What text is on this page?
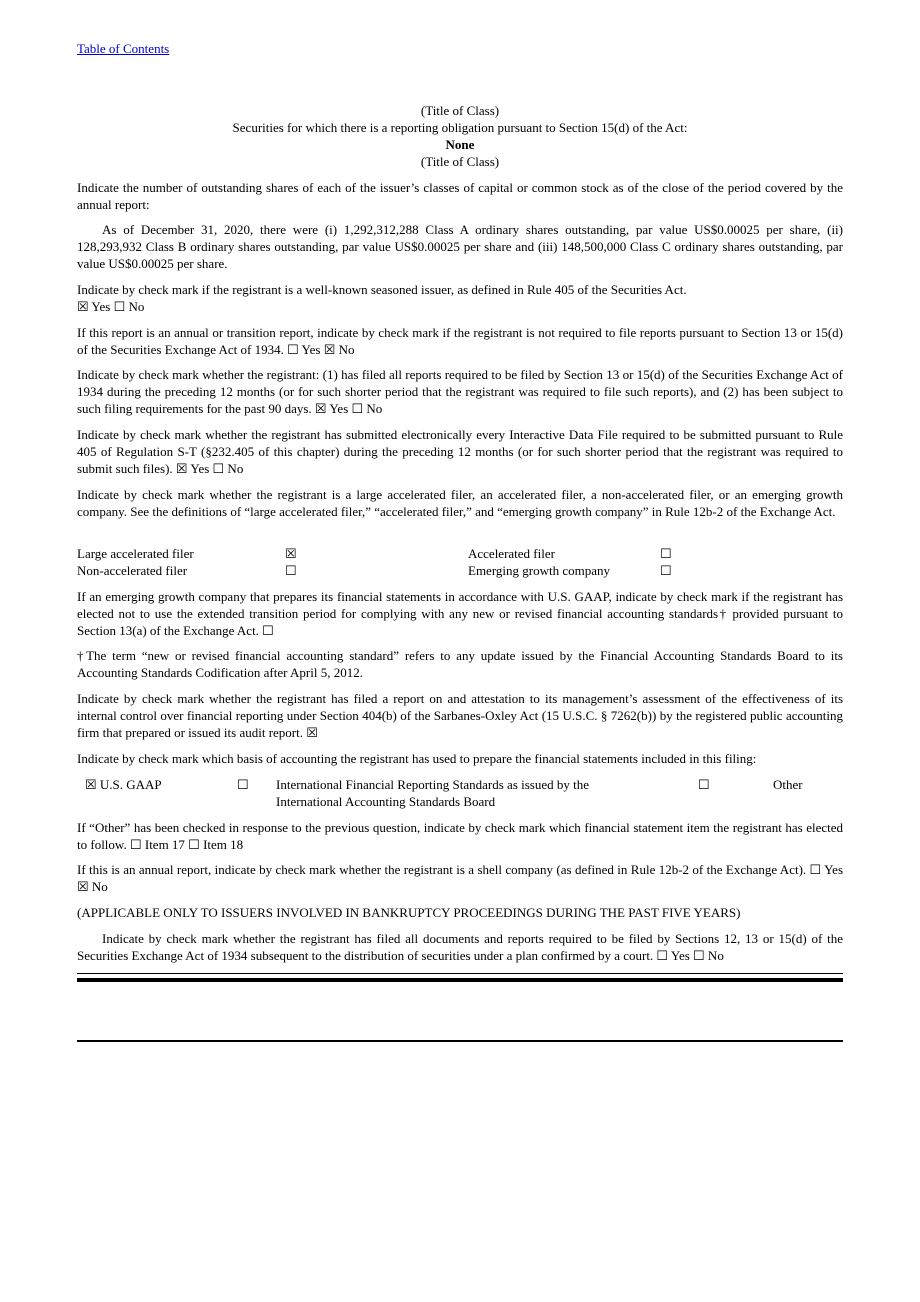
Table of Contents
(Title of Class)
Securities for which there is a reporting obligation pursuant to Section 15(d) of the Act:
None
(Title of Class)

Indicate the number of outstanding shares of each of the issuer’s classes of capital or common stock as of the close of the period covered by the annual report:

As of December 31, 2020, there were (i) 1,292,312,288 Class A ordinary shares outstanding, par value US$0.00025 per share, (ii) 128,293,932 Class B ordinary shares outstanding, par value US$0.00025 per share and (iii) 148,500,000 Class C ordinary shares outstanding, par value US$0.00025 per share.

Indicate by check mark if the registrant is a well-known seasoned issuer, as defined in Rule 405 of the Securities Act.

☒ Yes ☐ No

If this report is an annual or transition report, indicate by check mark if the registrant is not required to file reports pursuant to Section 13 or 15(d) of the Securities Exchange Act of 1934. ☐ Yes ☒ No

Indicate by check mark whether the registrant: (1) has filed all reports required to be filed by Section 13 or 15(d) of the Securities Exchange Act of 1934 during the preceding 12 months (or for such shorter period that the registrant was required to file such reports), and (2) has been subject to such filing requirements for the past 90 days. ☒ Yes ☐ No

Indicate by check mark whether the registrant has submitted electronically every Interactive Data File required to be submitted pursuant to Rule 405 of Regulation S-T (§232.405 of this chapter) during the preceding 12 months (or for such shorter period that the registrant was required to submit such files). ☒ Yes ☐ No

Indicate by check mark whether the registrant is a large accelerated filer, an accelerated filer, a non-accelerated filer, or an emerging growth company. See the definitions of “large accelerated filer,” “accelerated filer,” and “emerging growth company” in Rule 12b-2 of the Exchange Act.

Large accelerated filer	☒	Accelerated filer	☐
Non-accelerated filer	☐	Emerging growth company	☐

If an emerging growth company that prepares its financial statements in accordance with U.S. GAAP, indicate by check mark if the registrant has elected not to use the extended transition period for complying with any new or revised financial accounting standards† provided pursuant to Section 13(a) of the Exchange Act. ☐

†The term “new or revised financial accounting standard” refers to any update issued by the Financial Accounting Standards Board to its Accounting Standards Codification after April 5, 2012.

Indicate by check mark whether the registrant has filed a report on and attestation to its management’s assessment of the effectiveness of its internal control over financial reporting under Section 404(b) of the Sarbanes-Oxley Act (15 U.S.C. § 7262(b)) by the registered public accounting firm that prepared or issued its audit report. ☒

Indicate by check mark which basis of accounting the registrant has used to prepare the financial statements included in this filing:

	☒ U.S. GAAP	☐	International Financial Reporting Standards as issued by the
International Accounting Standards Board
	☐	Other

If “Other” has been checked in response to the previous question, indicate by check mark which financial statement item the registrant has elected to follow. ☐ Item 17 ☐ Item 18

If this is an annual report, indicate by check mark whether the registrant is a shell company (as defined in Rule 12b-2 of the Exchange Act). ☐ Yes ☒ No

(APPLICABLE ONLY TO ISSUERS INVOLVED IN BANKRUPTCY PROCEEDINGS DURING THE PAST FIVE YEARS)

Indicate by check mark whether the registrant has filed all documents and reports required to be filed by Sections 12, 13 or 15(d) of the Securities Exchange Act of 1934 subsequent to the distribution of securities under a plan confirmed by a court. ☐ Yes ☐ No
